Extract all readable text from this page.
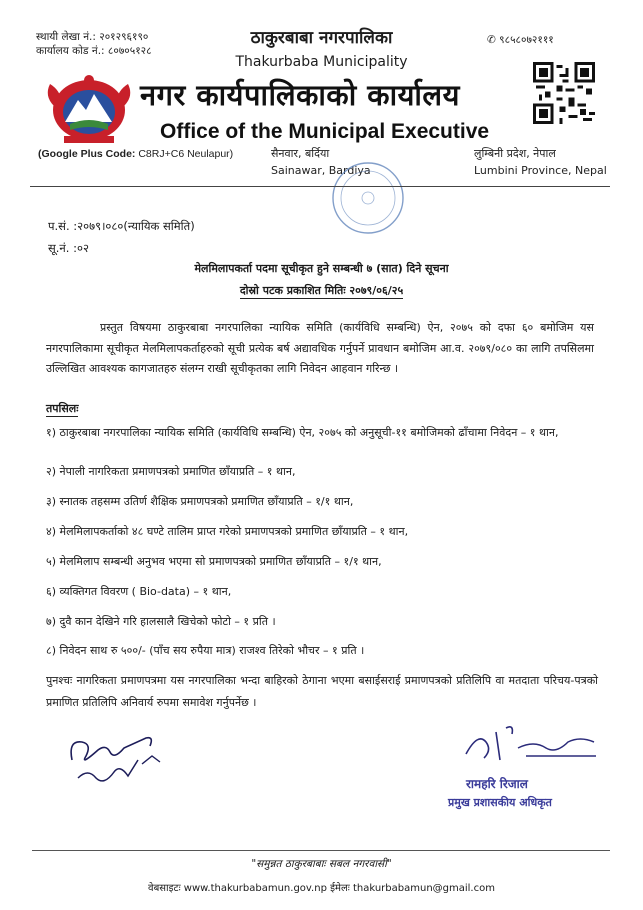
स्थायी लेखा नं.: २०१२९६१९०
कार्यालय कोड नं.: ८०७०५१२८
✆ ९८५८०७२१११
ठाकुरबाबा नगरपालिका
Thakurbaba Municipality
नगर कार्यपालिकाको कार्यालय
Office of the Municipal Executive
(Google Plus Code: C8RJ+C6 Neulapur)	सैनवार, बर्दिया
Sainawar, Bardiya
लुम्बिनी प्रदेश, नेपाल
Lumbini Province, Nepal
प.सं. :२०७९।०८०(न्यायिक समिति)
सू.नं. :०२
मेलमिलापकर्ता पदमा सूचीकृत हुने सम्बन्धी ७ (सात) दिने सूचना
दोस्रो पटक प्रकाशित मितिः २०७९/०६/२५
प्रस्तुत विषयमा ठाकुरबाबा नगरपालिका न्यायिक समिति (कार्यविधि सम्बन्धि) ऐन, २०७५ को दफा ६० बमोजिम यस नगरपालिकामा सूचीकृत मेलमिलापकर्ताहरुको सूची प्रत्येक बर्ष अद्यावधिक गर्नुपर्ने प्रावधान बमोजिम आ.व. २०७९/०८० का लागि तपसिलमा उल्लिखित आवश्यक कागजातहरु संलग्न राखी सूचीकृतका लागि निवेदन आहवान गरिन्छ ।
तपसिलः
१) ठाकुरबाबा नगरपालिका न्यायिक समिति (कार्यविधि सम्बन्धि) ऐन, २०७५ को अनुसूची-११ बमोजिमको ढाँचामा निवेदन – १ थान,
२) नेपाली नागरिकता प्रमाणपत्रको प्रमाणित छाँयाप्रति – १ थान,
३) स्नातक तहसम्म उतिर्ण शैक्षिक प्रमाणपत्रको प्रमाणित छाँयाप्रति – १/१ थान,
४) मेलमिलापकर्ताको ४८ घण्टे तालिम प्राप्त गरेको प्रमाणपत्रको प्रमाणित छाँयाप्रति – १ थान,
५) मेलमिलाप सम्बन्धी अनुभव भएमा सो प्रमाणपत्रको प्रमाणित छाँयाप्रति – १/१ थान,
६) व्यक्तिगत विवरण ( Bio-data) – १ थान,
७) दुवै कान देखिने गरि हालसालै खिचेको फोटो – १ प्रति ।
८) निवेदन साथ रु ५००/- (पाँच सय रुपैया मात्र) राजश्व तिरेको भौचर – १ प्रति ।
पुनश्चः नागरिकता प्रमाणपत्रमा यस नगरपालिका भन्दा बाहिरको ठेगाना भएमा बसाईसराई प्रमाणपत्रको प्रतिलिपि वा मतदाता परिचय-पत्रको प्रमाणित प्रतिलिपि अनिवार्य रुपमा समावेश गर्नुपर्नेछ ।
रामहरि रिजाल
प्रमुख प्रशासकीय अधिकृत
"समुन्नत ठाकुरबाबाः सबल नगरवासी"
वेबसाइटः www.thakurbabamun.gov.np ईमेलः thakurbabamun@gmail.com
